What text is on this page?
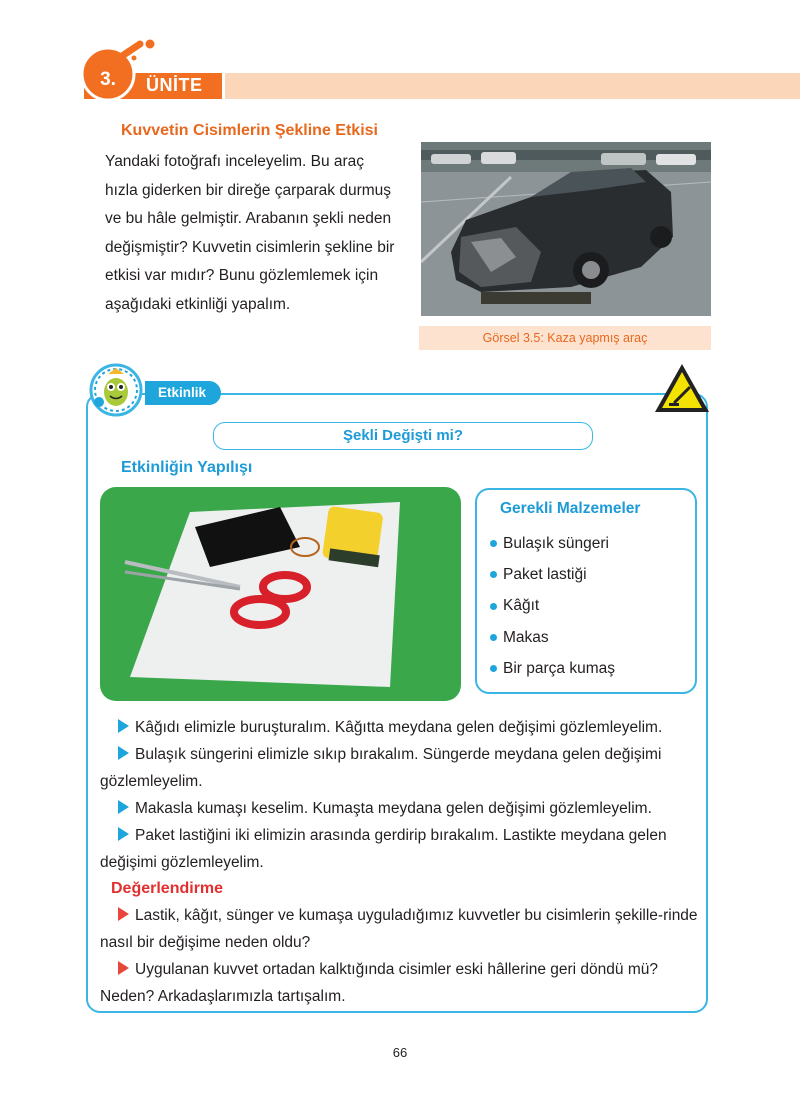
3.	ÜNİTE
Kuvvetin Cisimlerin Şekline Etkisi

Yandaki fotoğrafı inceleyelim. Bu araç

hızla giderken bir direğe çarparak durmuş

ve bu hâle gelmiştir. Arabanın şekli neden

değişmiştir? Kuvvetin cisimlerin şekline bir

etkisi var mıdır? Bunu gözlemlemek için

aşağıdaki etkinliği yapalım.

Görsel 3.5: Kaza yapmış araç
Etkinlik
Şekli Değişti mi?
Etkinliğin Yapılışı
Gerekli Malzemeler
Bulaşık süngeri
Paket lastiği
Kâğıt
Makas
Bir parça kumaş

Kâğıdı elimizle buruşturalım. Kâğıtta meydana gelen değişimi gözlemleyelim.

Bulaşık süngerini elimizle sıkıp bırakalım. Süngerde meydana gelen değişimi gözlemleyelim.

Makasla kumaşı keselim. Kumaşta meydana gelen değişimi gözlemleyelim.

Paket lastiğini iki elimizin arasında gerdirip bırakalım. Lastikte meydana gelen değişimi gözlemleyelim.

Değerlendirme

Lastik, kâğıt, sünger ve kumaşa uyguladığımız kuvvetler bu cisimlerin şekille-rinde nasıl bir değişime neden oldu?

Uygulanan kuvvet ortadan kalktığında cisimler eski hâllerine geri döndü mü? Neden? Arkadaşlarımızla tartışalım.

66
